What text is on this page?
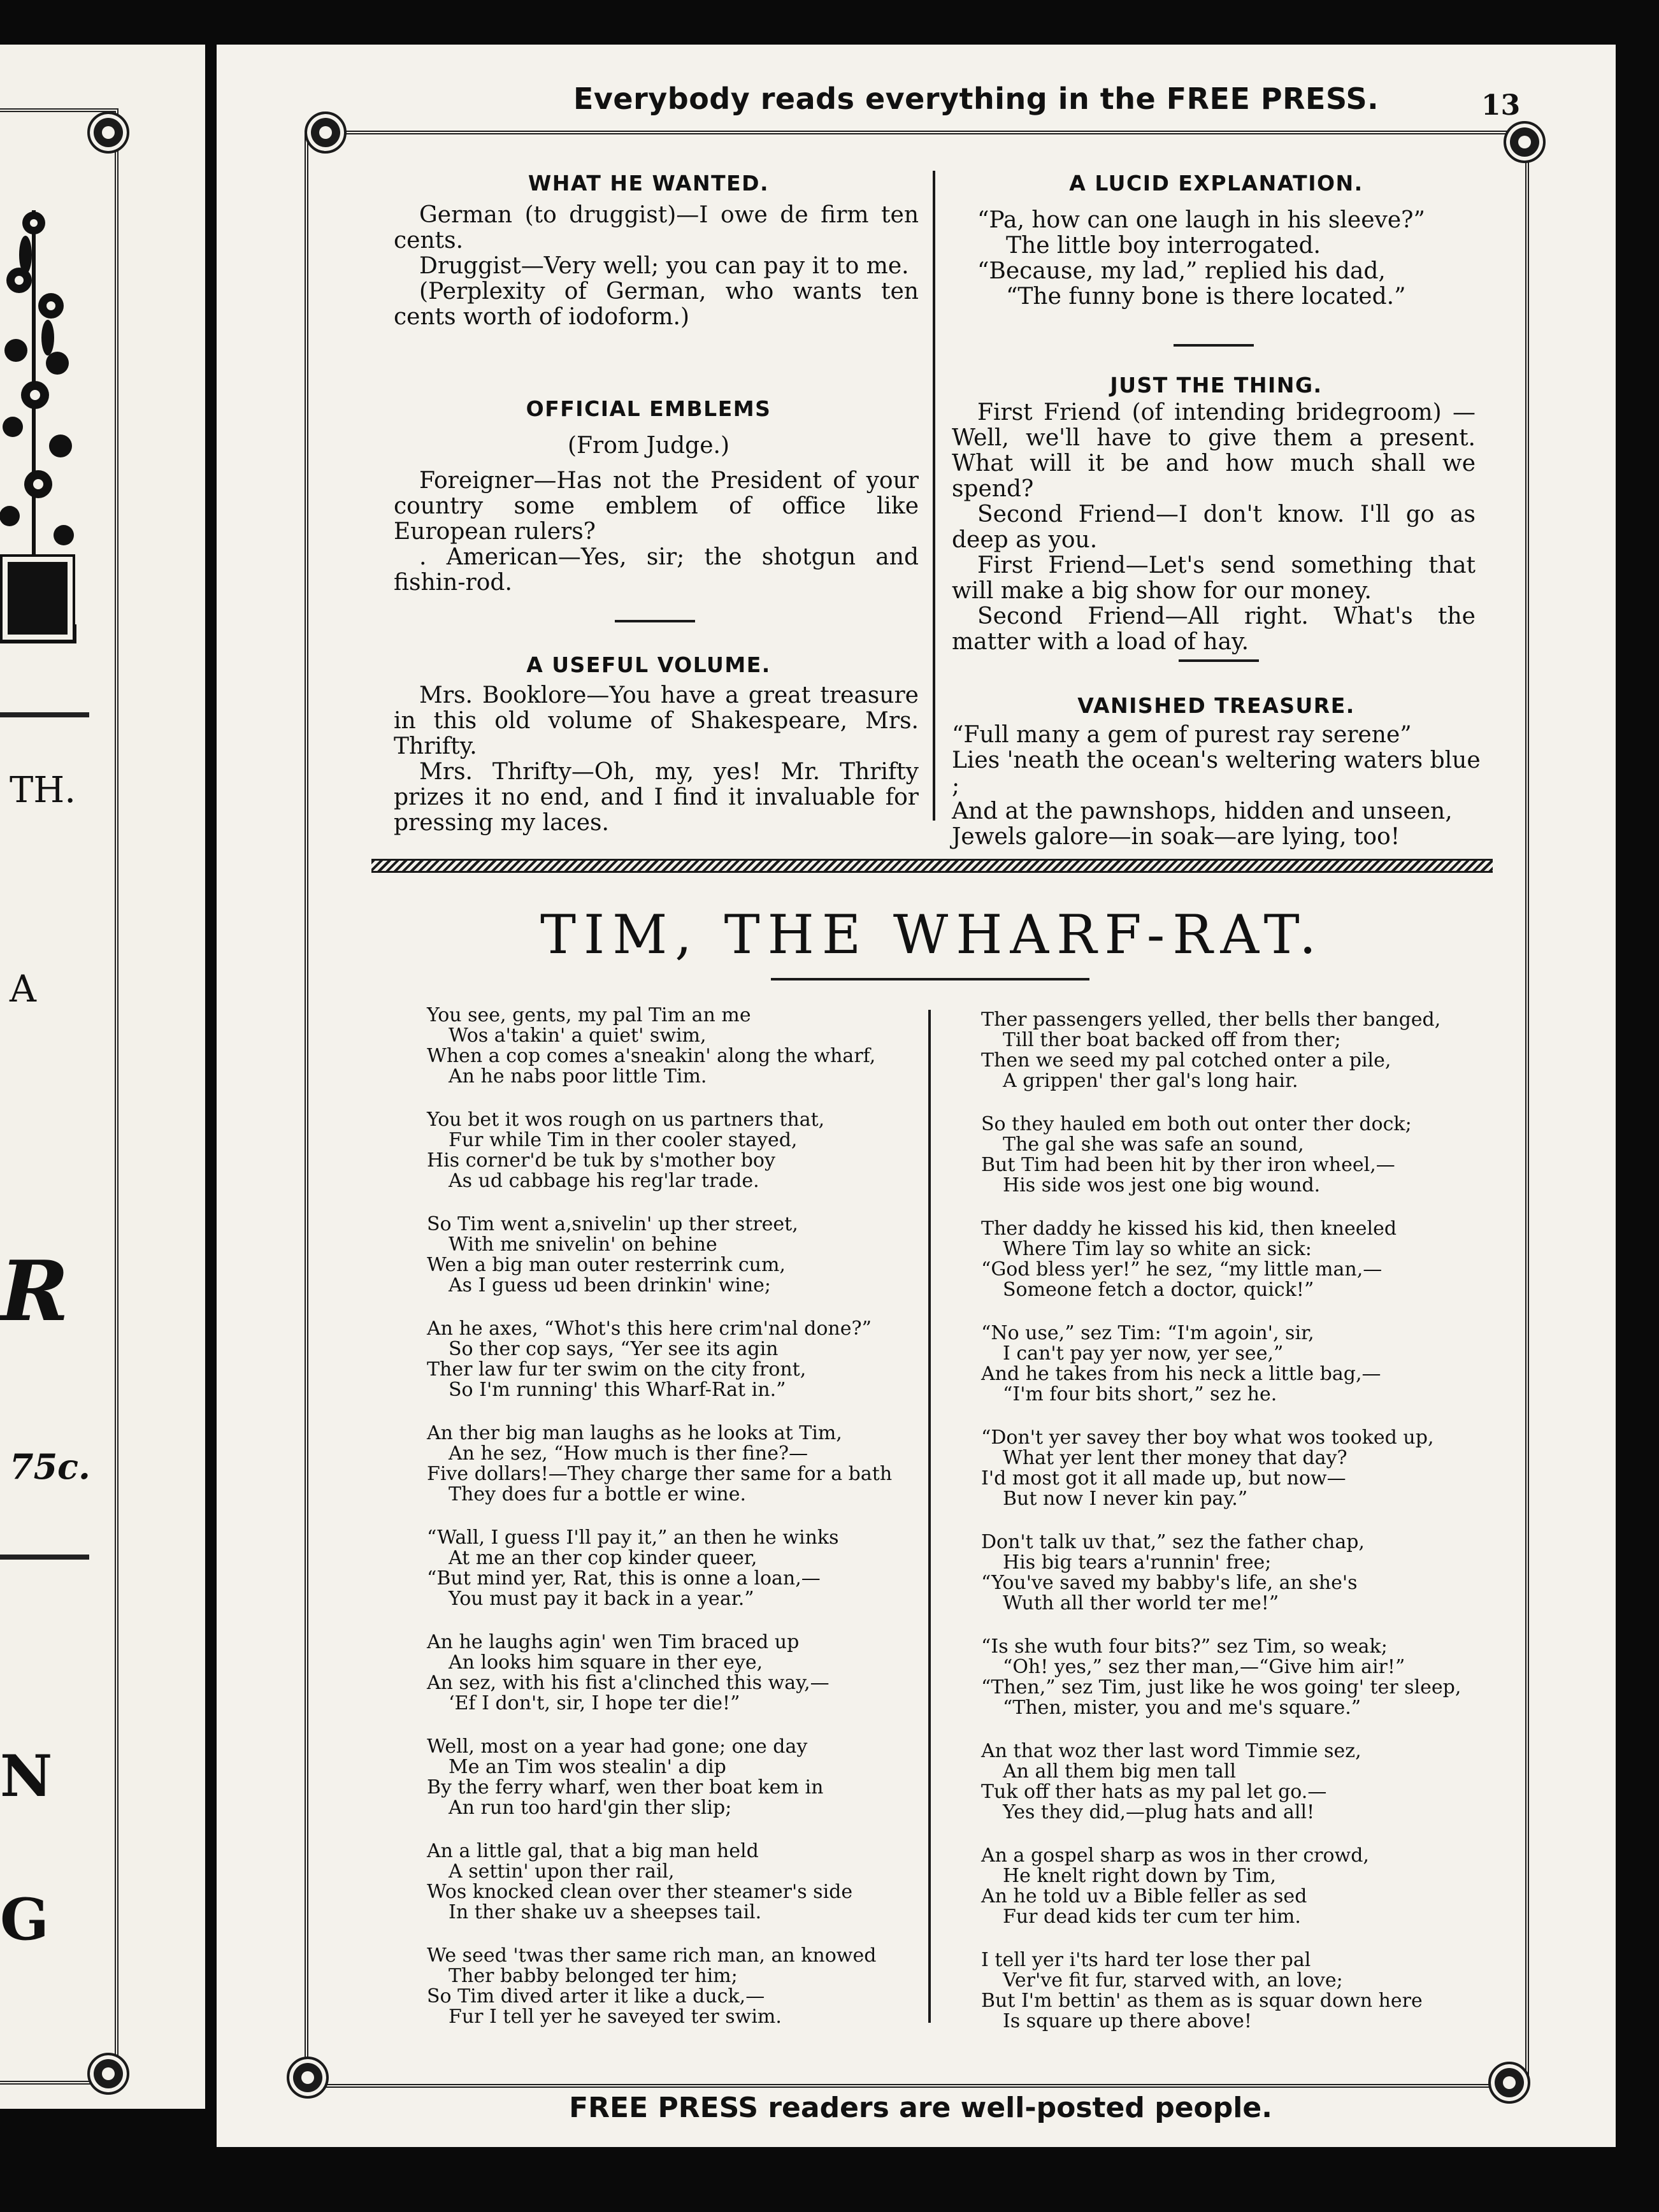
TH.
A
R
75c.
N
G
Everybody reads everything in the FREE PRESS.	13
WHAT HE WANTED.

German (to druggist)—I owe de firm ten cents.

Druggist—Very well; you can pay it to me.

(Perplexity of German, who wants ten cents worth of iodoform.)

OFFICIAL EMBLEMS
(From Judge.)

Foreigner—Has not the President of your country some emblem of office like European rulers?

. American—Yes, sir; the shotgun and fishin-rod.

A USEFUL VOLUME.

Mrs. Booklore—You have a great treasure in this old volume of Shakespeare, Mrs. Thrifty.

Mrs. Thrifty—Oh, my, yes! Mr. Thrifty prizes it no end, and I find it invaluable for pressing my laces.

A LUCID EXPLANATION.
“Pa, how can one laugh in his sleeve?”
The little boy interrogated.
“Because, my lad,” replied his dad,
“The funny bone is there located.”
JUST THE THING.

First Friend (of intending bridegroom) —Well, we'll have to give them a present. What will it be and how much shall we spend?

Second Friend—I don't know. I'll go as deep as you.

First Friend—Let's send something that will make a big show for our money.

Second Friend—All right. What's the matter with a load of hay.

VANISHED TREASURE.
“Full many a gem of purest ray serene”
Lies 'neath the ocean's weltering waters blue ;
And at the pawnshops, hidden and unseen,
Jewels galore—in soak—are lying, too!
TIM, THE WHARF-RAT.
You see, gents, my pal Tim an me
Wos a'takin' a quiet' swim,
When a cop comes a'sneakin' along the wharf,
An he nabs poor little Tim.
You bet it wos rough on us partners that,
Fur while Tim in ther cooler stayed,
His corner'd be tuk by s'mother boy
As ud cabbage his reg'lar trade.
So Tim went a,snivelin' up ther street,
With me snivelin' on behine
Wen a big man outer resterrink cum,
As I guess ud been drinkin' wine;
An he axes, “Whot's this here crim'nal done?”
So ther cop says, “Yer see its agin
Ther law fur ter swim on the city front,
So I'm running' this Wharf-Rat in.”
An ther big man laughs as he looks at Tim,
An he sez, “How much is ther fine?—
Five dollars!—They charge ther same for a bath
They does fur a bottle er wine.
“Wall, I guess I'll pay it,” an then he winks
At me an ther cop kinder queer,
“But mind yer, Rat, this is onne a loan,—
You must pay it back in a year.”
An he laughs agin' wen Tim braced up
An looks him square in ther eye,
An sez, with his fist a'clinched this way,—
‘Ef I don't, sir, I hope ter die!”
Well, most on a year had gone; one day
Me an Tim wos stealin' a dip
By the ferry wharf, wen ther boat kem in
An run too hard'gin ther slip;
An a little gal, that a big man held
A settin' upon ther rail,
Wos knocked clean over ther steamer's side
In ther shake uv a sheepses tail.
We seed 'twas ther same rich man, an knowed
Ther babby belonged ter him;
So Tim dived arter it like a duck,—
Fur I tell yer he saveyed ter swim.
Ther passengers yelled, ther bells ther banged,
Till ther boat backed off from ther;
Then we seed my pal cotched onter a pile,
A grippen' ther gal's long hair.
So they hauled em both out onter ther dock;
The gal she was safe an sound,
But Tim had been hit by ther iron wheel,—
His side wos jest one big wound.
Ther daddy he kissed his kid, then kneeled
Where Tim lay so white an sick:
“God bless yer!” he sez, “my little man,—
Someone fetch a doctor, quick!”
“No use,” sez Tim: “I'm agoin', sir,
I can't pay yer now, yer see,”
And he takes from his neck a little bag,—
“I'm four bits short,” sez he.
“Don't yer savey ther boy what wos tooked up,
What yer lent ther money that day?
I'd most got it all made up, but now—
But now I never kin pay.”
Don't talk uv that,” sez the father chap,
His big tears a'runnin' free;
“You've saved my babby's life, an she's
Wuth all ther world ter me!”
“Is she wuth four bits?” sez Tim, so weak;
“Oh! yes,” sez ther man,—“Give him air!”
“Then,” sez Tim, just like he wos going' ter sleep,
“Then, mister, you and me's square.”
An that woz ther last word Timmie sez,
An all them big men tall
Tuk off ther hats as my pal let go.—
Yes they did,—plug hats and all!
An a gospel sharp as wos in ther crowd,
He knelt right down by Tim,
An he told uv a Bible feller as sed
Fur dead kids ter cum ter him.
I tell yer i'ts hard ter lose ther pal
Ver've fit fur, starved with, an love;
But I'm bettin' as them as is squar down here
Is square up there above!
FREE PRESS readers are well-posted people.
